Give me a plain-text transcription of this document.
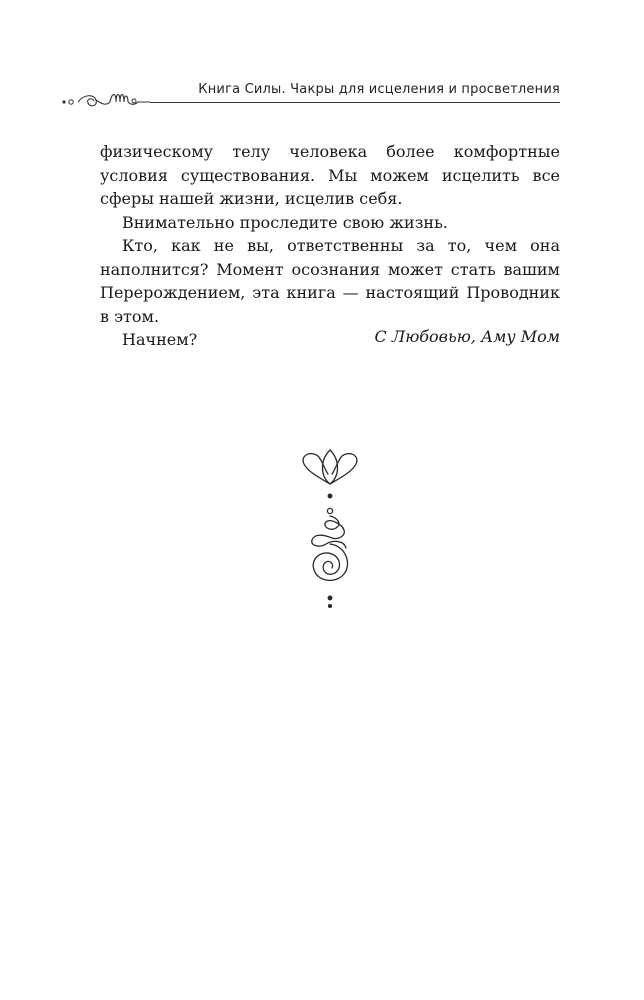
Книга Силы. Чакры для исцеления и просветления

физическому телу человека более комфортные условия существования. Мы можем исцелить все сферы нашей жизни, исцелив себя.

Внимательно проследите свою жизнь.

Кто, как не вы, ответственны за то, чем она наполнится? Момент осознания может стать вашим Перерождением, эта книга — настоящий Проводник в этом.

Начнем?	С Любовью, Аму Мом
